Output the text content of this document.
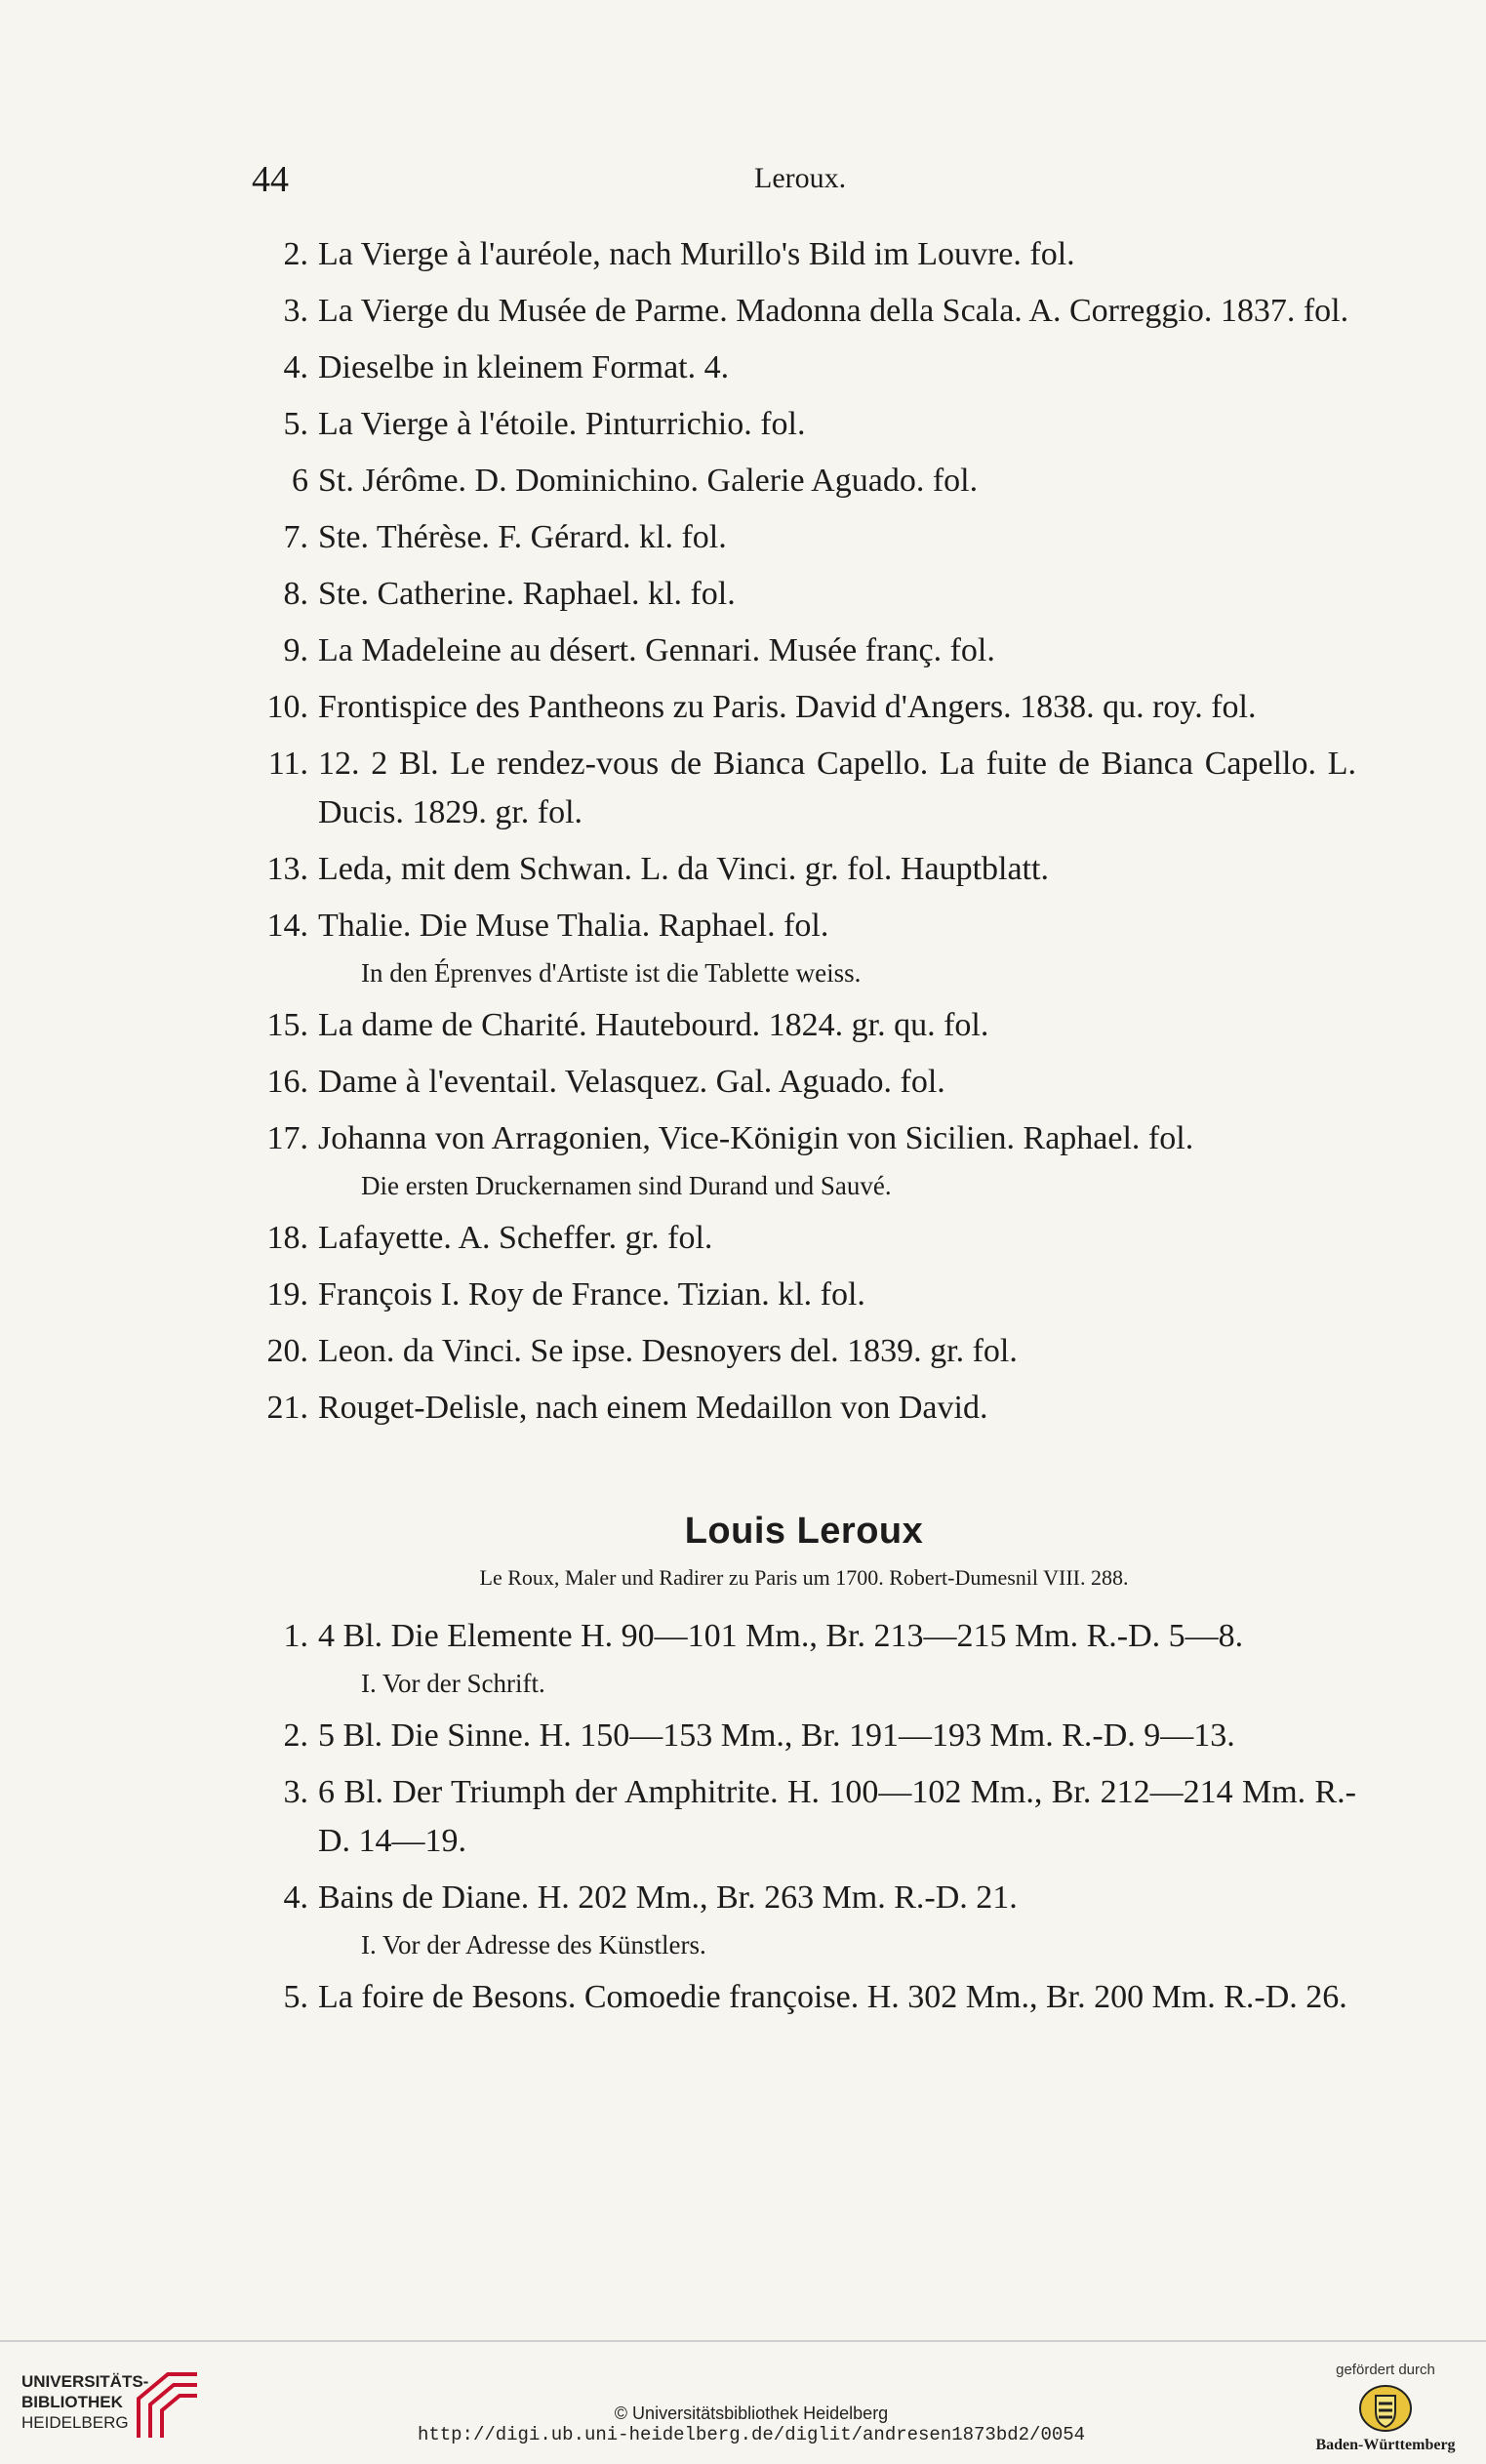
44	Leroux.
2. La Vierge à l'auréole, nach Murillo's Bild im Louvre. fol.
3. La Vierge du Musée de Parme. Madonna della Scala. A. Correggio. 1837. fol.
4. Dieselbe in kleinem Format. 4.
5. La Vierge à l'étoile. Pinturrichio. fol.
6 St. Jérôme. D. Dominichino. Galerie Aguado. fol.
7. Ste. Thérèse. F. Gérard. kl. fol.
8. Ste. Catherine. Raphael. kl. fol.
9. La Madeleine au désert. Gennari. Musée franç. fol.
10. Frontispice des Pantheons zu Paris. David d'Angers. 1838. qu. roy. fol.
11. 12. 2 Bl. Le rendez-vous de Bianca Capello. La fuite de Bianca Capello. L. Ducis. 1829. gr. fol.
13. Leda, mit dem Schwan. L. da Vinci. gr. fol. Hauptblatt.
14. Thalie. Die Muse Thalia. Raphael. fol.
In den Éprenves d'Artiste ist die Tablette weiss.
15. La dame de Charité. Hautebourd. 1824. gr. qu. fol.
16. Dame à l'eventail. Velasquez. Gal. Aguado. fol.
17. Johanna von Arragonien, Vice-Königin von Sicilien. Raphael. fol.
Die ersten Druckernamen sind Durand und Sauvé.
18. Lafayette. A. Scheffer. gr. fol.
19. François I. Roy de France. Tizian. kl. fol.
20. Leon. da Vinci. Se ipse. Desnoyers del. 1839. gr. fol.
21. Rouget-Delisle, nach einem Medaillon von David.
Louis Leroux
Le Roux, Maler und Radirer zu Paris um 1700. Robert-Dumesnil VIII. 288.
1. 4 Bl. Die Elemente H. 90—101 Mm., Br. 213—215 Mm. R.-D. 5—8.
I. Vor der Schrift.
2. 5 Bl. Die Sinne. H. 150—153 Mm., Br. 191—193 Mm. R.-D. 9—13.
3. 6 Bl. Der Triumph der Amphitrite. H. 100—102 Mm., Br. 212—214 Mm. R.-D. 14—19.
4. Bains de Diane. H. 202 Mm., Br. 263 Mm. R.-D. 21.
I. Vor der Adresse des Künstlers.
5. La foire de Besons. Comoedie françoise. H. 302 Mm., Br. 200 Mm. R.-D. 26.
UNIVERSITÄTS-
BIBLIOTHEK
HEIDELBERG	© Universitätsbibliothek Heidelberg
http://digi.ub.uni-heidelberg.de/diglit/andresen1873bd2/0054
gefördert durch
Baden-Württemberg
